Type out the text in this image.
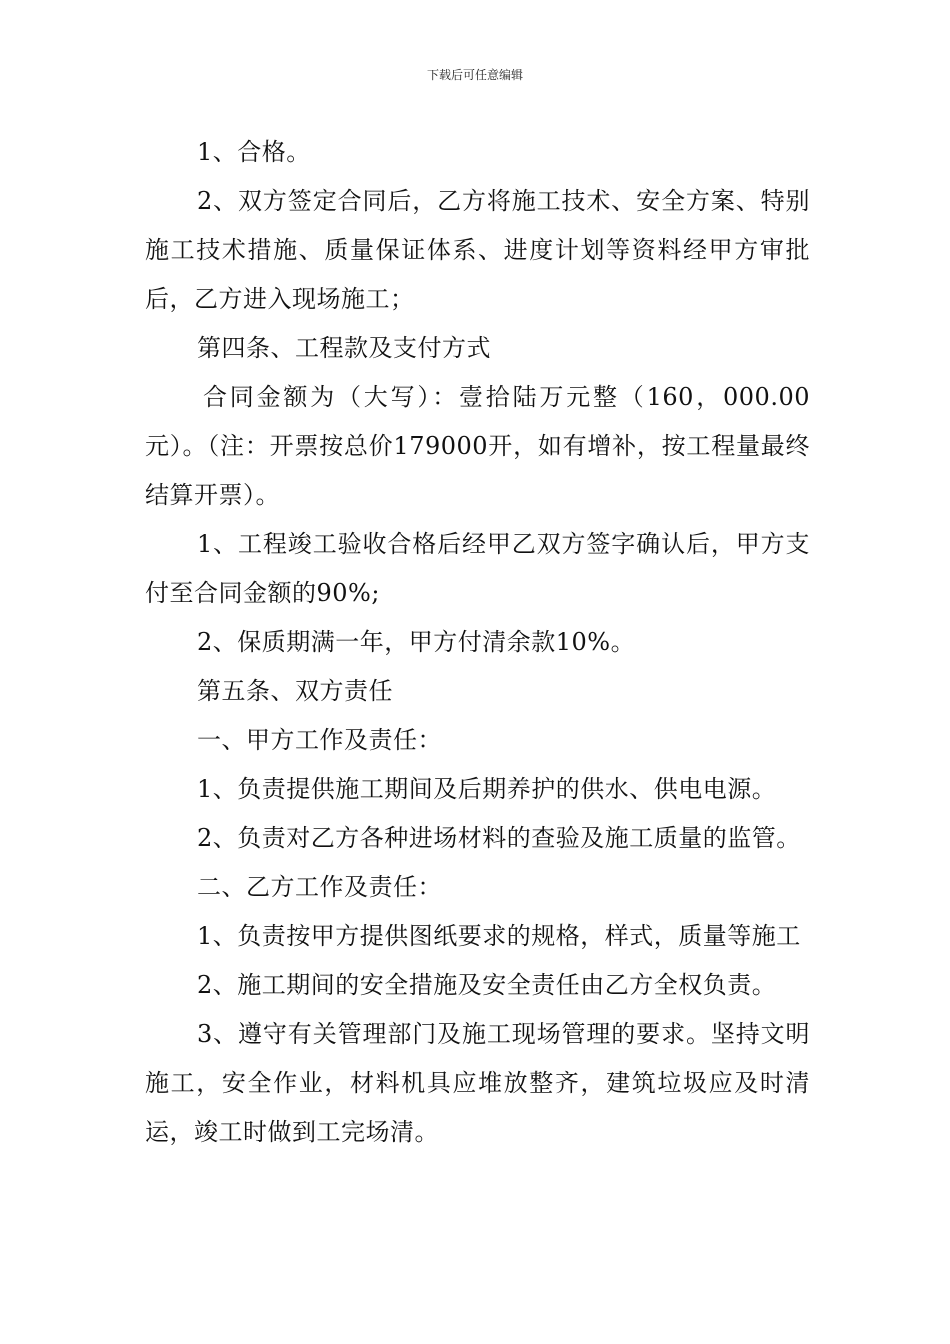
下载后可任意编辑

1、合格。

2、双方签定合同后，乙方将施工技术、安全方案、特别施工技术措施、质量保证体系、进度计划等资料经甲方审批后，乙方进入现场施工；

第四条、工程款及支付方式

合同金额为（大写）：壹拾陆万元整（160，000.00元）。（注：开票按总价179000开，如有增补，按工程量最终结算开票）。

1、工程竣工验收合格后经甲乙双方签字确认后，甲方支付至合同金额的90%;

2、保质期满一年，甲方付清余款10%。

第五条、双方责任

一、甲方工作及责任：

1、负责提供施工期间及后期养护的供水、供电电源。

2、负责对乙方各种进场材料的查验及施工质量的监管。

二、乙方工作及责任：

1、负责按甲方提供图纸要求的规格，样式，质量等施工

2、施工期间的安全措施及安全责任由乙方全权负责。

3、遵守有关管理部门及施工现场管理的要求。坚持文明施工，安全作业，材料机具应堆放整齐，建筑垃圾应及时清运，竣工时做到工完场清。
